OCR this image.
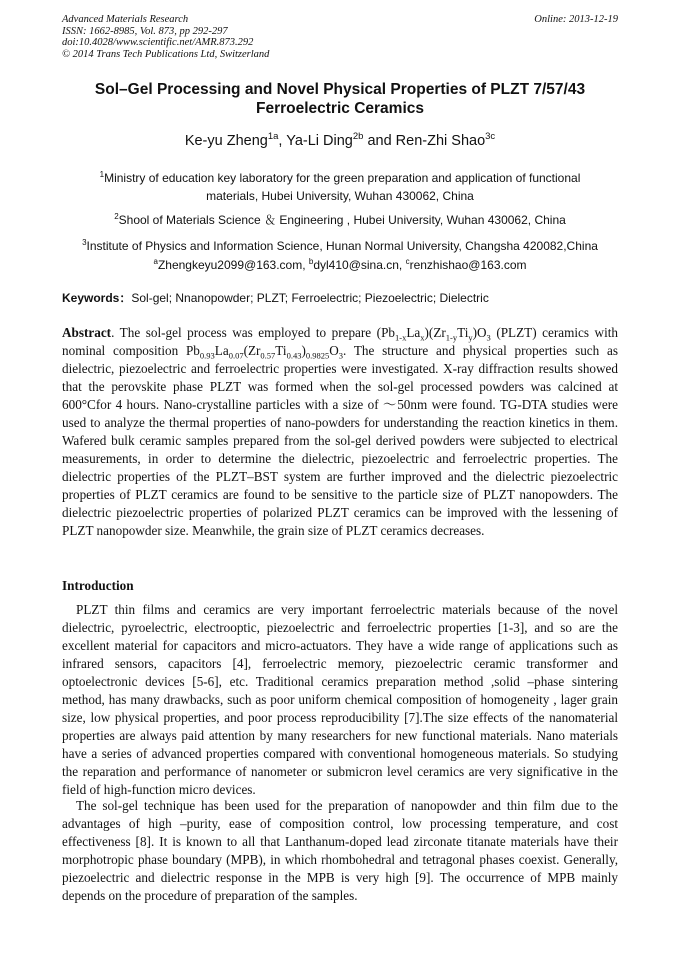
Advanced Materials Research
ISSN: 1662-8985, Vol. 873, pp 292-297
doi:10.4028/www.scientific.net/AMR.873.292
© 2014 Trans Tech Publications Ltd, Switzerland
Online: 2013-12-19
Sol–Gel Processing and Novel Physical Properties of PLZT 7/57/43
Ferroelectric Ceramics
Ke-yu Zheng$^{1a}$, Ya-Li Ding$^{2b}$ and Ren-Zhi Shao$^{3c}$
$^1$Ministry of education key laboratory for the green preparation and application of functional
materials, Hubei University, Wuhan 430062, China
$^2$Shool of Materials Science ＆ Engineering , Hubei University, Wuhan 430062, China
$^3$Institute of Physics and Information Science, Hunan Normal University, Changsha 420082,China
$^a$Zhengkeyu2099@163.com, $^b$dyl410@sina.cn, $^c$renzhishao@163.com
Keywords：Sol-gel; Nnanopowder; PLZT; Ferroelectric; Piezoelectric; Dielectric
Abstract. The sol-gel process was employed to prepare $(Pb_{1-x}La_x)(Zr_{1-y}Ti_y)O_3$ (PLZT) ceramics with nominal composition $Pb_{0.93}La_{0.07}(Zr_{0.57}Ti_{0.43})_{0.9825}O_3$. The structure and physical properties such as dielectric, piezoelectric and ferroelectric properties were investigated. X-ray diffraction results showed that the perovskite phase PLZT was formed when the sol-gel processed powders was calcined at 600°Cfor 4 hours. Nano-crystalline particles with a size of ～50nm were found. TG-DTA studies were used to analyze the thermal properties of nano-powders for understanding the reaction kinetics in them. Wafered bulk ceramic samples prepared from the sol-gel derived powders were subjected to electrical measurements, in order to determine the dielectric, piezoelectric and ferroelectric properties. The dielectric properties of the PLZT–BST system are further improved and the dielectric piezoelectric properties of PLZT ceramics are found to be sensitive to the particle size of PLZT nanopowders. The dielectric piezoelectric properties of polarized PLZT ceramics can be improved with the lessening of PLZT nanopowder size. Meanwhile, the grain size of PLZT ceramics decreases.
Introduction
PLZT thin films and ceramics are very important ferroelectric materials because of the novel dielectric, pyroelectric, electrooptic, piezoelectric and ferroelectric properties [1-3], and so are the excellent material for capacitors and micro-actuators. They have a wide range of applications such as infrared sensors, capacitors [4], ferroelectric memory, piezoelectric ceramic transformer and optoelectronic devices [5-6], etc. Traditional ceramics preparation method ,solid –phase sintering method, has many drawbacks, such as poor uniform chemical composition of homogeneity , lager grain size, low physical properties, and poor process reproducibility [7].The size effects of the nanomaterial properties are always paid attention by many researchers for new functional materials. Nano materials have a series of advanced properties compared with conventional homogeneous materials. So studying the reparation and performance of nanometer or submicron level ceramics are very significative in the field of high-function micro devices.
The sol-gel technique has been used for the preparation of nanopowder and thin film due to the advantages of high –purity, ease of composition control, low processing temperature, and cost effectiveness [8]. It is known to all that Lanthanum-doped lead zirconate titanate materials have their morphotropic phase boundary (MPB), in which rhombohedral and tetragonal phases coexist. Generally, piezoelectric and dielectric response in the MPB is very high [9]. The occurrence of MPB mainly depends on the procedure of preparation of the samples.
